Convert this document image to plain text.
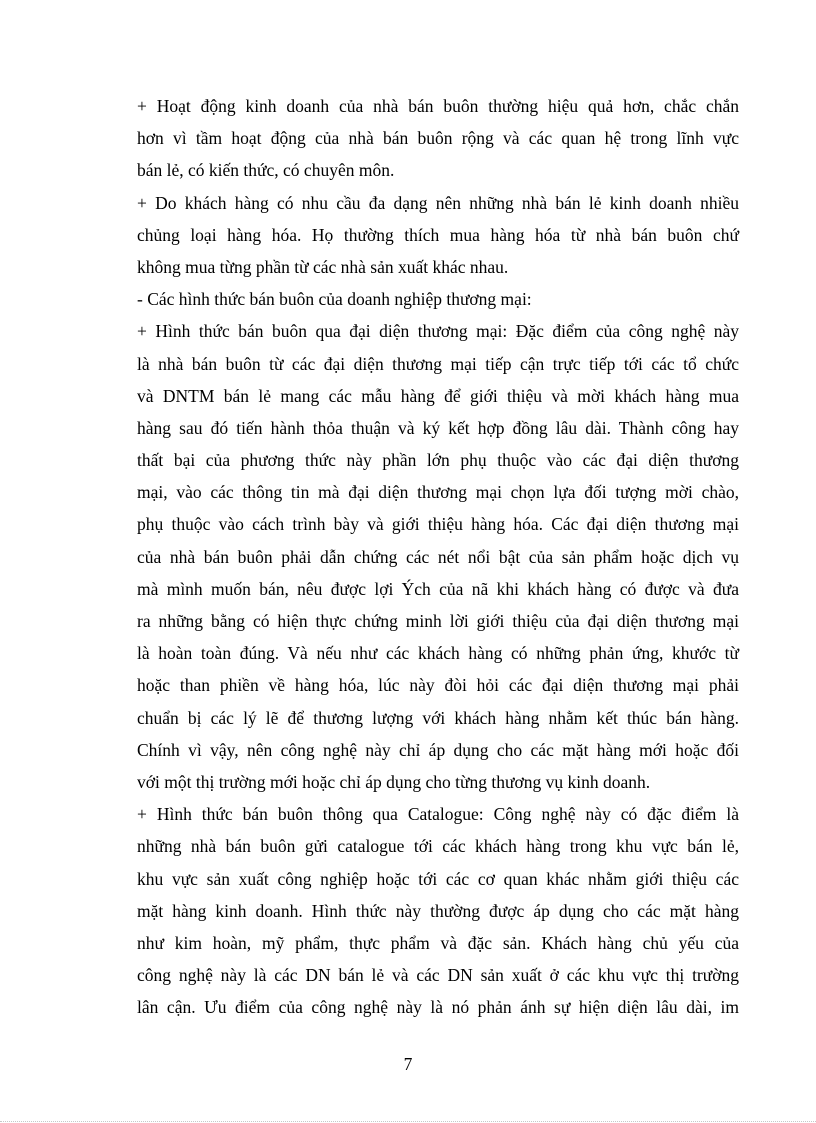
+ Hoạt động kinh doanh của nhà bán buôn thường hiệu quả hơn, chắc chắn
hơn vì tầm hoạt động của nhà bán buôn rộng và các quan hệ trong lĩnh vực
bán lẻ, có kiến thức, có chuyên môn.
+ Do khách hàng có nhu cầu đa dạng nên những nhà bán lẻ kinh doanh nhiều
chủng loại hàng hóa. Họ thường thích mua hàng hóa từ nhà bán buôn chứ
không mua từng phần từ các nhà sản xuất khác nhau.
- Các hình thức bán buôn của doanh nghiệp thương mại:
+ Hình thức bán buôn qua đại diện thương mại: Đặc điểm của công nghệ này
là nhà bán buôn từ các đại diện thương mại tiếp cận trực tiếp tới các tổ chức
và DNTM bán lẻ mang các mẫu hàng để giới thiệu và mời khách hàng mua
hàng sau đó tiến hành thỏa thuận và ký kết hợp đồng lâu dài. Thành công hay
thất bại của phương thức này phần lớn phụ thuộc vào các đại diện thương
mại, vào các thông tin mà đại diện thương mại chọn lựa đối tượng mời chào,
phụ thuộc vào cách trình bày và giới thiệu hàng hóa. Các đại diện thương mại
của nhà bán buôn phải dẫn chứng các nét nổi bật của sản phẩm hoặc dịch vụ
mà mình muốn bán, nêu được lợi Ých của nã khi khách hàng có được và đưa
ra những bằng có hiện thực chứng minh lời giới thiệu của đại diện thương mại
là hoàn toàn đúng. Và nếu như các khách hàng có những phản ứng, khước từ
hoặc than phiền về hàng hóa, lúc này đòi hỏi các đại diện thương mại phải
chuẩn bị các lý lẽ để thương lượng với khách hàng nhằm kết thúc bán hàng.
Chính vì vậy, nên công nghệ này chỉ áp dụng cho các mặt hàng mới hoặc đối
với một thị trường mới hoặc chỉ áp dụng cho từng thương vụ kinh doanh.
+ Hình thức bán buôn thông qua Catalogue: Công nghệ này có đặc điểm là
những nhà bán buôn gửi catalogue tới các khách hàng trong khu vực bán lẻ,
khu vực sản xuất công nghiệp hoặc tới các cơ quan khác nhằm giới thiệu các
mặt hàng kinh doanh. Hình thức này thường được áp dụng cho các mặt hàng
như kim hoàn, mỹ phẩm, thực phẩm và đặc sản. Khách hàng chủ yếu của
công nghệ này là các DN bán lẻ và các DN sản xuất ở các khu vực thị trường
lân cận. Ưu điểm của công nghệ này là nó phản ánh sự hiện diện lâu dài, im
7
